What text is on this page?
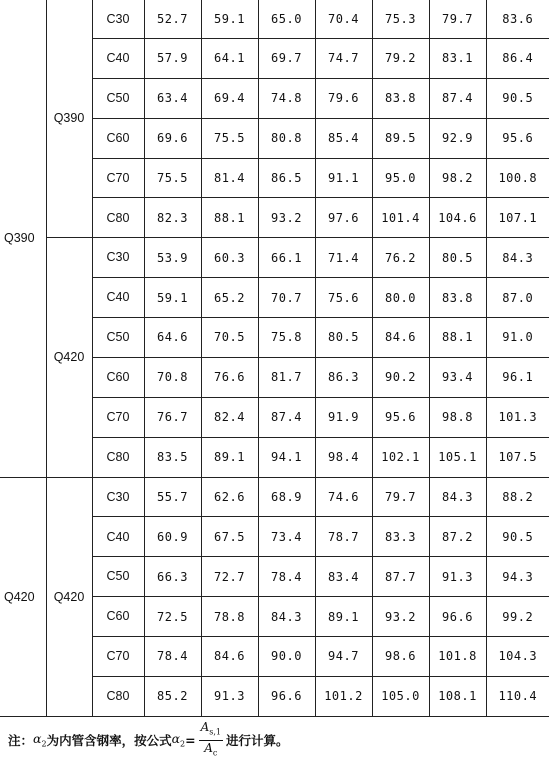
Q390	Q390	C30	52.7	59.1	65.0	70.4	75.3	79.7	83.6
		C40	57.9	64.1	69.7	74.7	79.2	83.1	86.4
		C50	63.4	69.4	74.8	79.6	83.8	87.4	90.5
		C60	69.6	75.5	80.8	85.4	89.5	92.9	95.6
		C70	75.5	81.4	86.5	91.1	95.0	98.2	100.8
		C80	82.3	88.1	93.2	97.6	101.4	104.6	107.1
	Q420	C30	53.9	60.3	66.1	71.4	76.2	80.5	84.3
		C40	59.1	65.2	70.7	75.6	80.0	83.8	87.0
		C50	64.6	70.5	75.8	80.5	84.6	88.1	91.0
		C60	70.8	76.6	81.7	86.3	90.2	93.4	96.1
		C70	76.7	82.4	87.4	91.9	95.6	98.8	101.3
		C80	83.5	89.1	94.1	98.4	102.1	105.1	107.5
Q420	Q420	C30	55.7	62.6	68.9	74.6	79.7	84.3	88.2
		C40	60.9	67.5	73.4	78.7	83.3	87.2	90.5
		C50	66.3	72.7	78.4	83.4	87.7	91.3	94.3
		C60	72.5	78.8	84.3	89.1	93.2	96.6	99.2
		C70	78.4	84.6	90.0	94.7	98.6	101.8	104.3
		C80	85.2	91.3	96.6	101.2	105.0	108.1	110.4
注： $\alpha_2$ 为内管含钢率，按公式 $\alpha_2 = \frac{A_{s,1}}{A_c}$ 进行计算。
